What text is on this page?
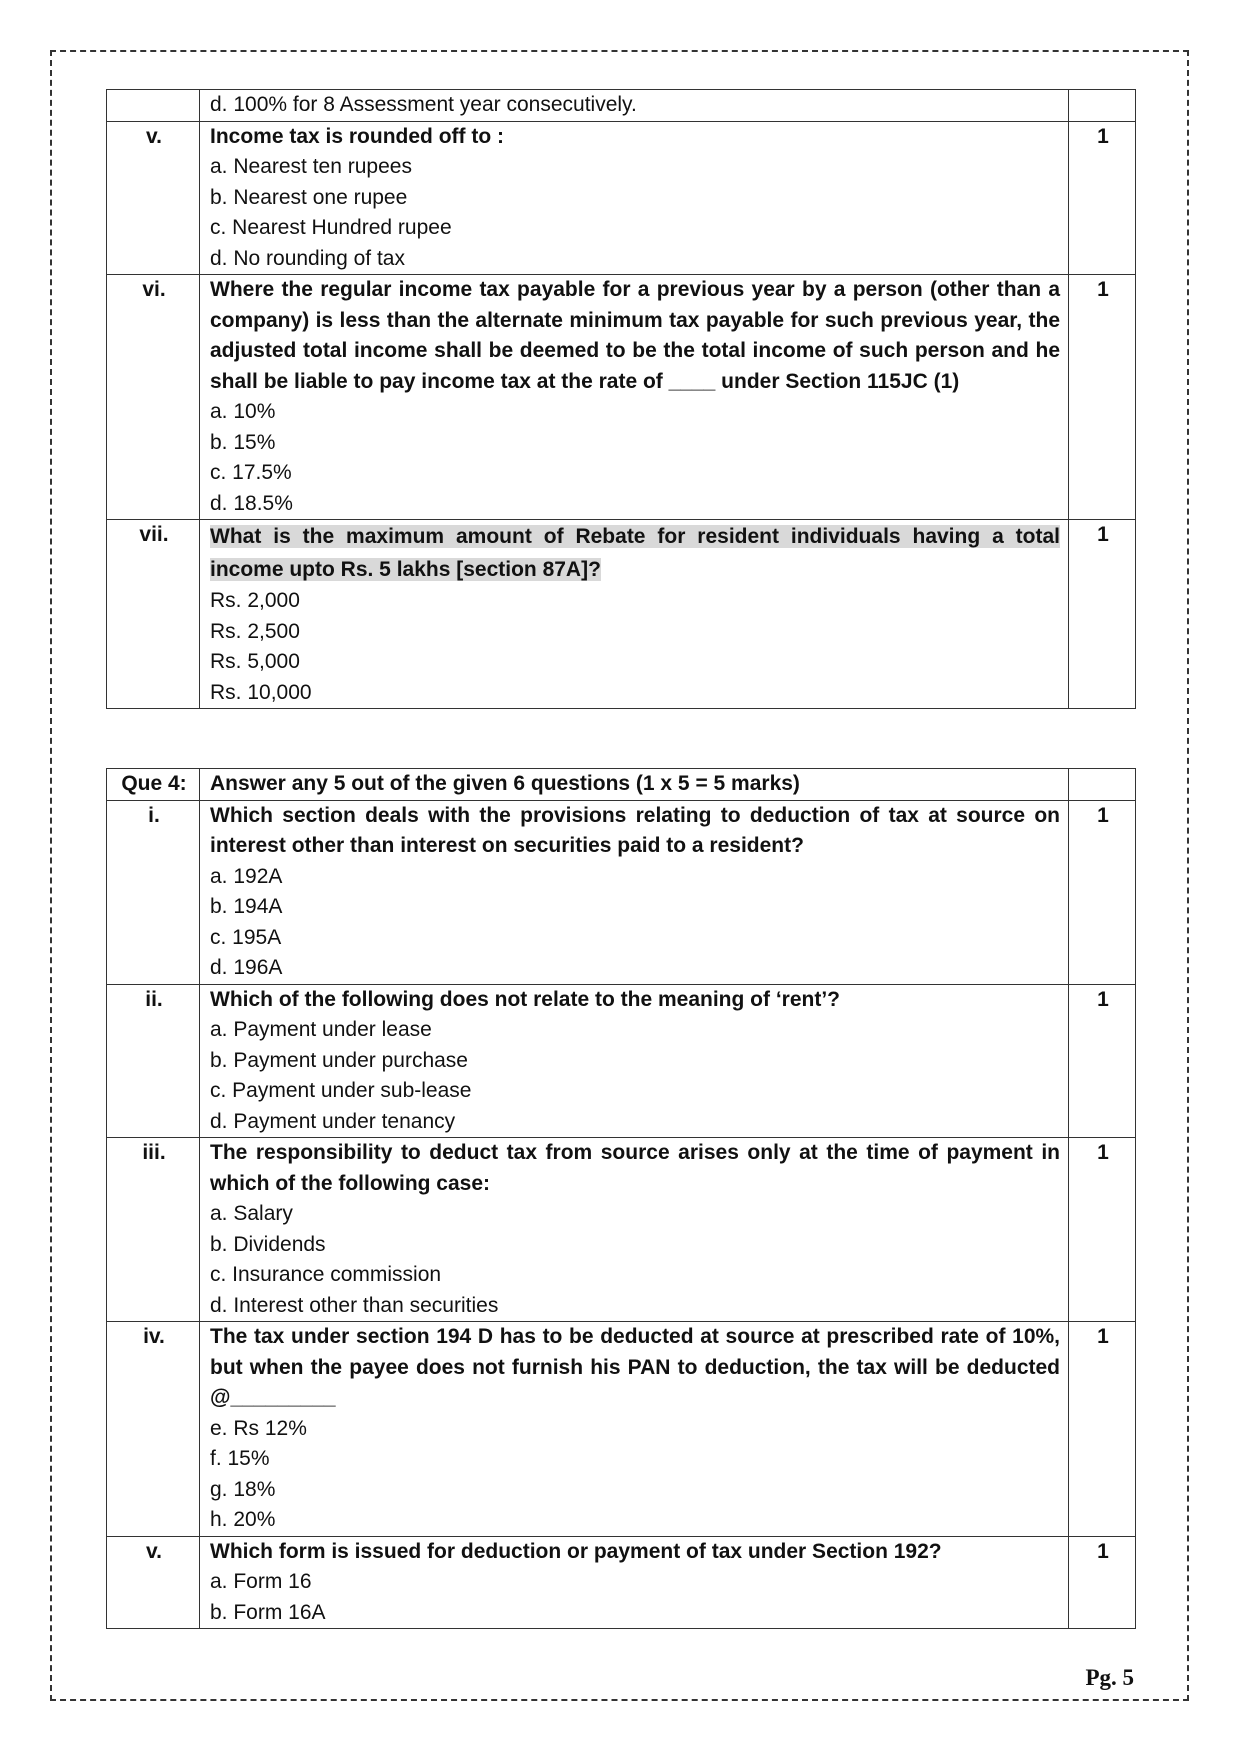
	d. 100% for 8 Assessment year consecutively.	

v.	Income tax is rounded off to :
a. Nearest ten rupees
b. Nearest one rupee
c. Nearest Hundred rupee
d. No rounding of tax	1
vi.	Where the regular income tax payable for a previous year by a person (other than a company) is less than the alternate minimum tax payable for such previous year, the adjusted total income shall be deemed to be the total income of such person and he shall be liable to pay income tax at the rate of ____ under Section 115JC (1)
a. 10%
b. 15%
c. 17.5%
d. 18.5%	1
vii.	What is the maximum amount of Rebate for resident individuals having a total income upto Rs. 5 lakhs [section 87A]?
Rs. 2,000
Rs. 2,500
Rs. 5,000
Rs. 10,000	1
Que 4:	Answer any 5 out of the given 6 questions (1 x 5 = 5 marks)	
i.	Which section deals with the provisions relating to deduction of tax at source on interest other than interest on securities paid to a resident?
a. 192A
b. 194A
c. 195A
d. 196A	1
ii.	Which of the following does not relate to the meaning of ‘rent’?
a. Payment under lease
b. Payment under purchase
c. Payment under sub-lease
d. Payment under tenancy	1
iii.	The responsibility to deduct tax from source arises only at the time of payment in which of the following case:
a. Salary
b. Dividends
c. Insurance commission
d. Interest other than securities	1
iv.	The tax under section 194 D has to be deducted at source at prescribed rate of 10%, but when the payee does not furnish his PAN to deduction, the tax will be deducted @_________
e. Rs 12%
f. 15%
g. 18%
h. 20%	1
v.	Which form is issued for deduction or payment of tax under Section 192?
a. Form 16
b. Form 16A	1
Pg. 5
